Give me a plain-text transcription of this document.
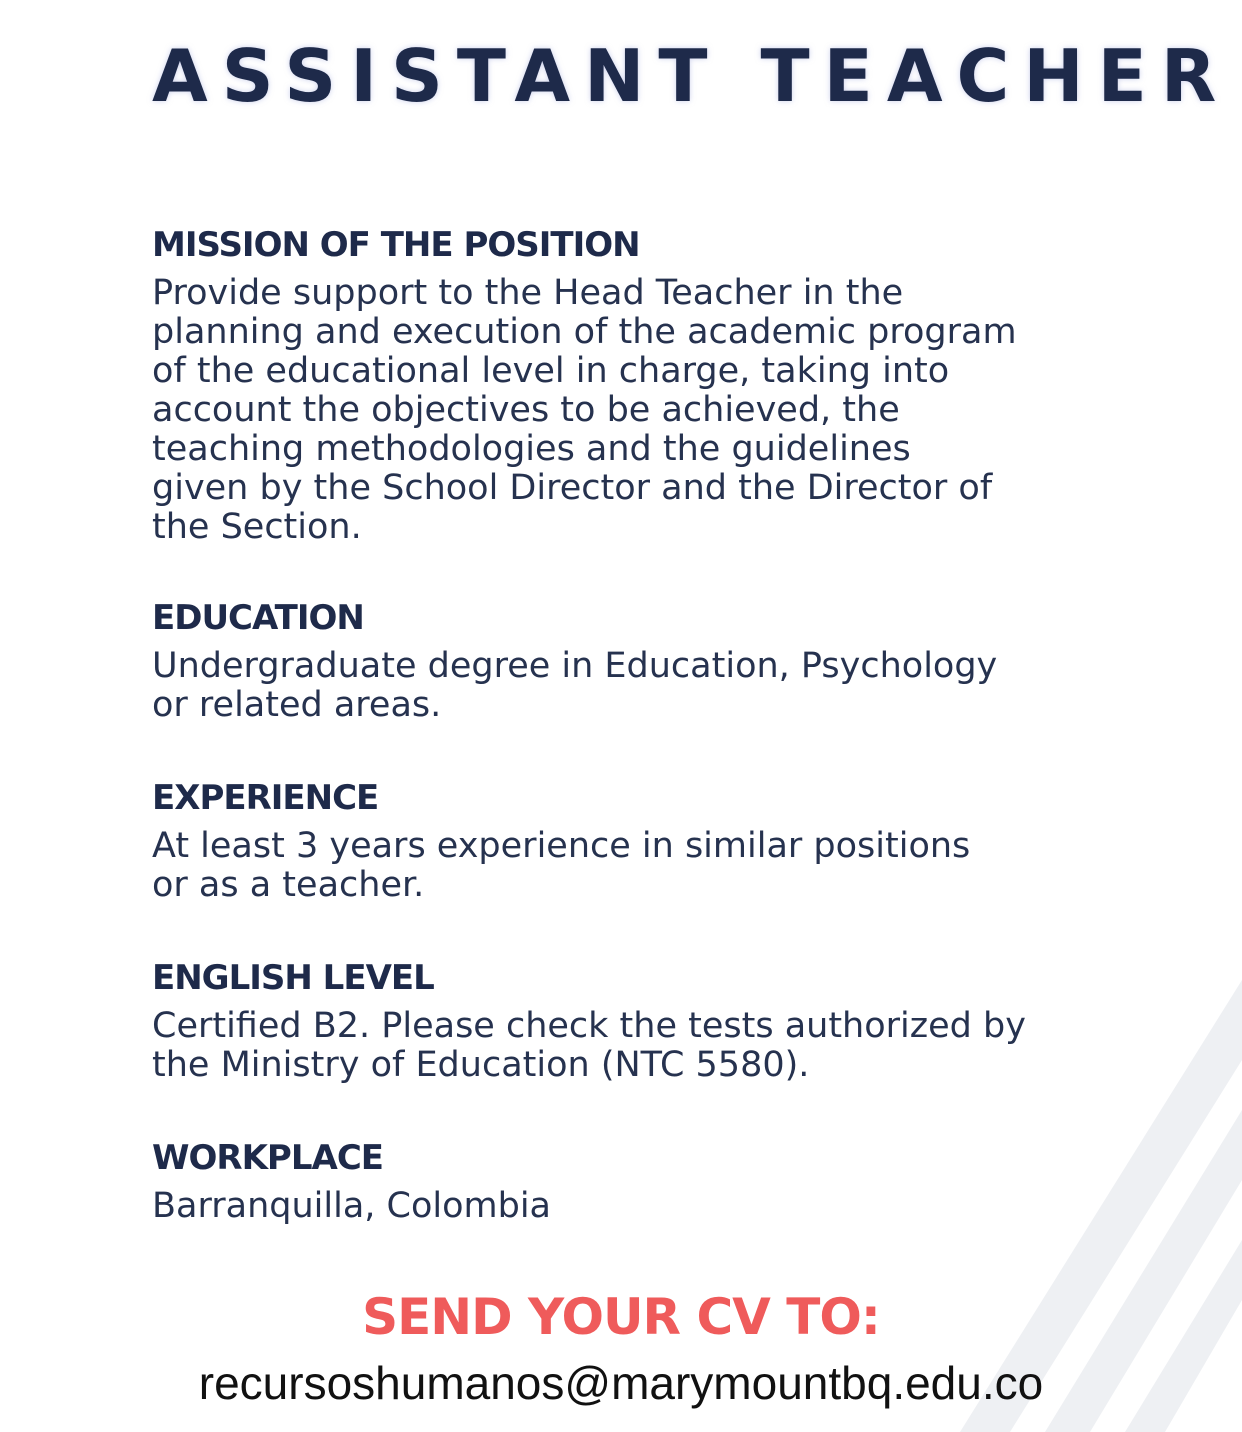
ASSISTANT TEACHER
MISSION OF THE POSITION
Provide support to the Head Teacher in the
planning and execution of the academic program
of the educational level in charge, taking into
account the objectives to be achieved, the
teaching methodologies and the guidelines
given by the School Director and the Director of
the Section.
EDUCATION
Undergraduate degree in Education, Psychology
or related areas.
EXPERIENCE
At least 3 years experience in similar positions
or as a teacher.
ENGLISH LEVEL
Certified B2. Please check the tests authorized by
the Ministry of Education (NTC 5580).
WORKPLACE
Barranquilla, Colombia
SEND YOUR CV TO:
recursoshumanos@marymountbq.edu.co
